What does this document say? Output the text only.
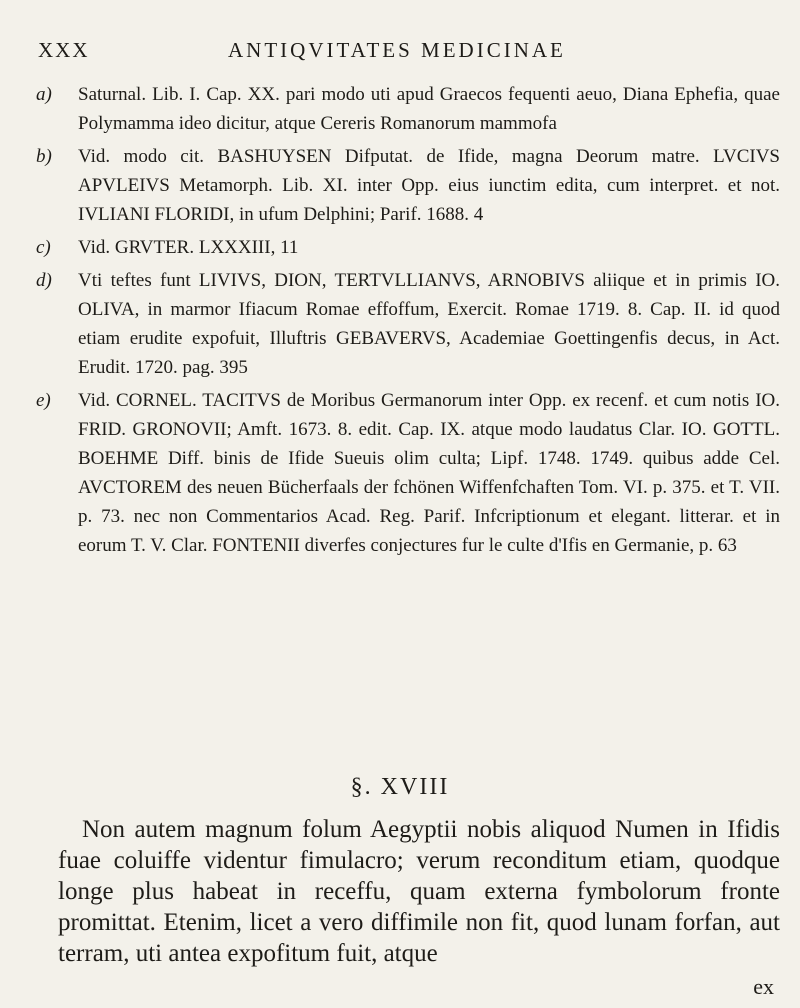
XXX	ANTIQVITATES MEDICINAE
a)	Saturnal. Lib. I. Cap. XX. pari modo uti apud Graecos fequenti aeuo, Diana Ephefia, quae Polymamma ideo dicitur, atque Cereris Romanorum mammofa
b)	Vid. modo cit. BASHUYSEN Difputat. de Ifide, magna Deorum matre. LVCIVS APVLEIVS Metamorph. Lib. XI. inter Opp. eius iunctim edita, cum interpret. et not. IVLIANI FLORIDI, in ufum Delphini; Parif. 1688. 4
c)	Vid. GRVTER. LXXXIII, 11
d)	Vti teftes funt LIVIVS, DION, TERTVLLIANVS, ARNOBIVS aliique et in primis IO. OLIVA, in marmor Ifiacum Romae effoffum, Exercit. Romae 1719. 8. Cap. II. id quod etiam erudite expofuit, Illuftris GEBAVERVS, Academiae Goettingenfis decus, in Act. Erudit. 1720. pag. 395
e)	Vid. CORNEL. TACITVS de Moribus Germanorum inter Opp. ex recenf. et cum notis IO. FRID. GRONOVII; Amft. 1673. 8. edit. Cap. IX. atque modo laudatus Clar. IO. GOTTL. BOEHME Diff. binis de Ifide Sueuis olim culta; Lipf. 1748. 1749. quibus adde Cel. AVCTOREM des neuen Bücherfaals der fchönen Wiffenfchaften Tom. VI. p. 375. et T. VII. p. 73. nec non Commentarios Acad. Reg. Parif. Infcriptionum et elegant. litterar. et in eorum T. V. Clar. FONTENII diverfes conjectures fur le culte d'Ifis en Germanie, p. 63
§. XVIII
Non autem magnum folum Aegyptii nobis aliquod Numen in Ifidis fuae coluiffe videntur fimulacro; verum reconditum etiam, quodque longe plus habeat in receffu, quam externa fymbolorum fronte promittat. Etenim, licet a vero diffimile non fit, quod lunam forfan, aut terram, uti antea expofitum fuit, atque
ex
